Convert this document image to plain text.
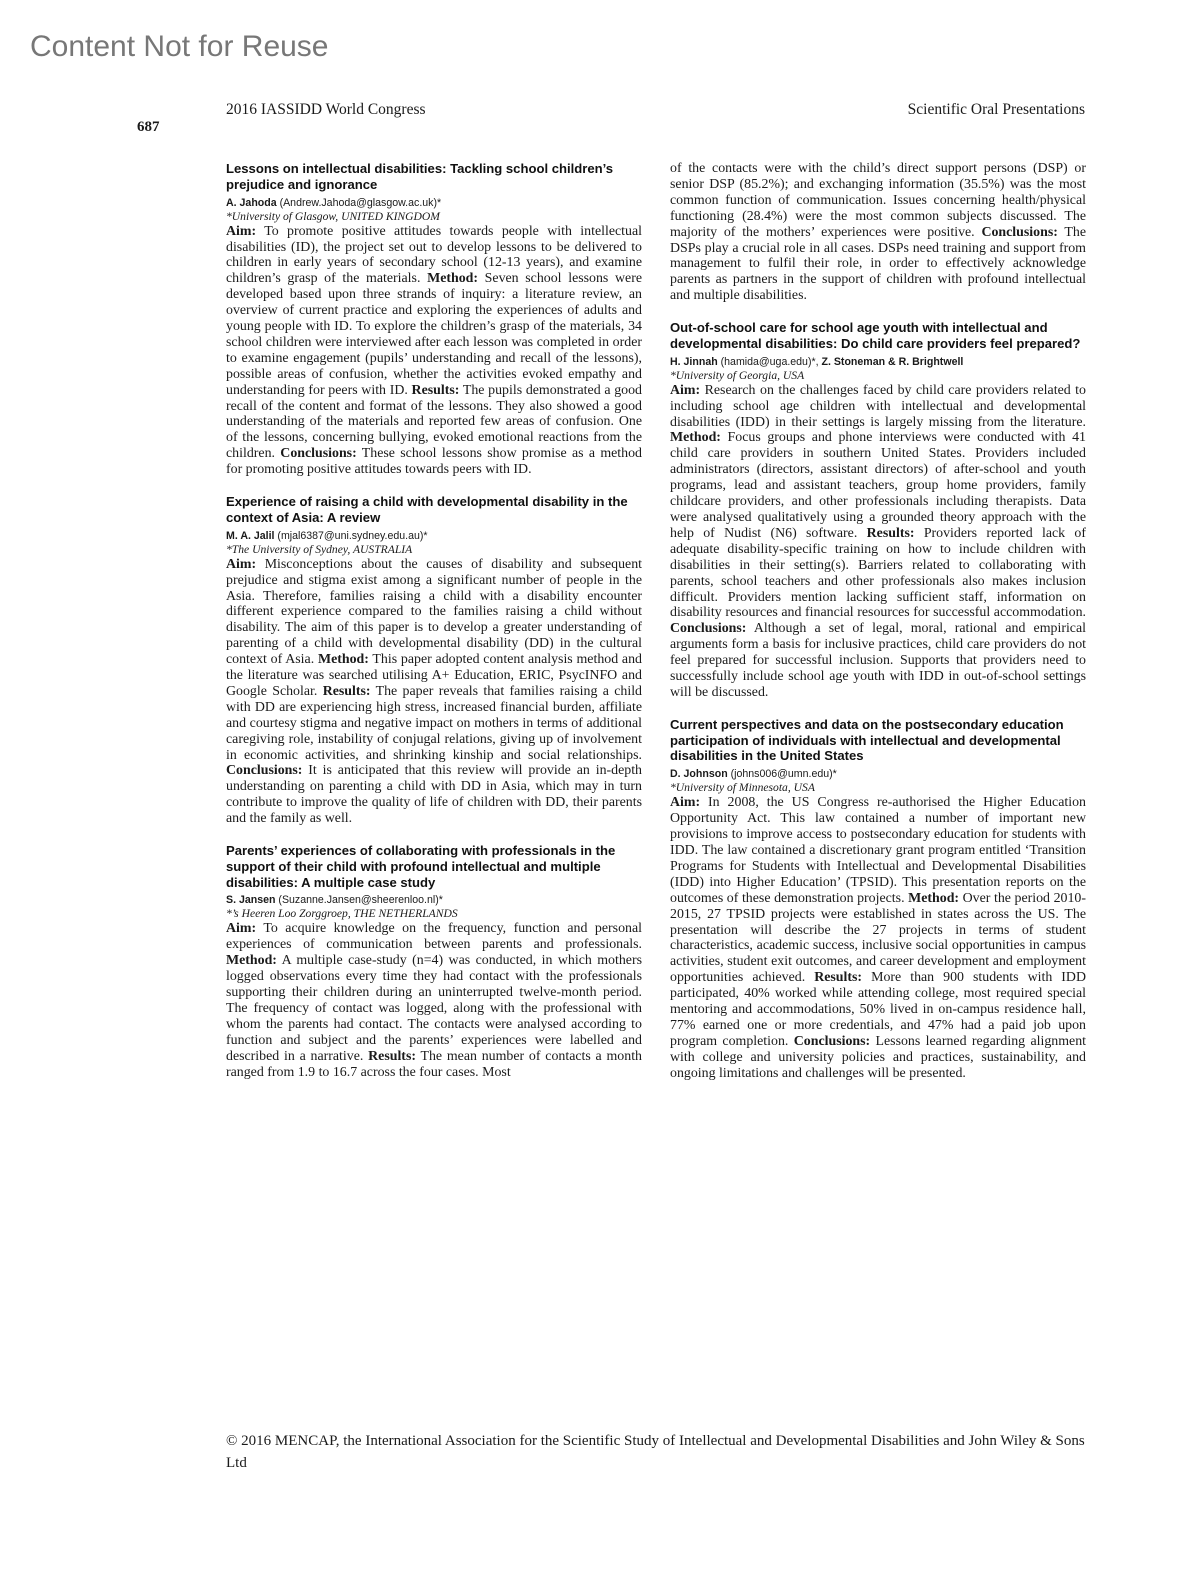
Content Not for Reuse
687
2016 IASSIDD World Congress	Scientific Oral Presentations

Lessons on intellectual disabilities: Tackling school children’s prejudice and ignorance

A. Jahoda (Andrew.Jahoda@glasgow.ac.uk)*
*University of Glasgow, UNITED KINGDOM

Aim: To promote positive attitudes towards people with intellectual disabilities (ID), the project set out to develop lessons to be delivered to children in early years of secondary school (12-13 years), and examine children’s grasp of the materials. Method: Seven school lessons were developed based upon three strands of inquiry: a literature review, an overview of current practice and exploring the experiences of adults and young people with ID. To explore the children’s grasp of the materials, 34 school children were interviewed after each lesson was completed in order to examine engagement (pupils’ understanding and recall of the lessons), possible areas of confusion, whether the activities evoked empathy and understanding for peers with ID. Results: The pupils demonstrated a good recall of the content and format of the lessons. They also showed a good understanding of the materials and reported few areas of confusion. One of the lessons, concerning bullying, evoked emotional reactions from the children. Conclusions: These school lessons show promise as a method for promoting positive attitudes towards peers with ID.

Experience of raising a child with developmental disability in the context of Asia: A review

M. A. Jalil (mjal6387@uni.sydney.edu.au)*
*The University of Sydney, AUSTRALIA

Aim: Misconceptions about the causes of disability and subsequent prejudice and stigma exist among a significant number of people in the Asia. Therefore, families raising a child with a disability encounter different experience compared to the families raising a child without disability. The aim of this paper is to develop a greater understanding of parenting of a child with developmental disability (DD) in the cultural context of Asia. Method: This paper adopted content analysis method and the literature was searched utilising A+ Education, ERIC, PsycINFO and Google Scholar. Results: The paper reveals that families raising a child with DD are experiencing high stress, increased financial burden, affiliate and courtesy stigma and negative impact on mothers in terms of additional caregiving role, instability of conjugal relations, giving up of involvement in economic activities, and shrinking kinship and social relationships. Conclusions: It is anticipated that this review will provide an in-depth understanding on parenting a child with DD in Asia, which may in turn contribute to improve the quality of life of children with DD, their parents and the family as well.

Parents’ experiences of collaborating with professionals in the support of their child with profound intellectual and multiple disabilities: A multiple case study

S. Jansen (Suzanne.Jansen@sheerenloo.nl)*
*’s Heeren Loo Zorggroep, THE NETHERLANDS

Aim: To acquire knowledge on the frequency, function and personal experiences of communication between parents and professionals. Method: A multiple case-study (n=4) was conducted, in which mothers logged observations every time they had contact with the professionals supporting their children during an uninterrupted twelve-month period. The frequency of contact was logged, along with the professional with whom the parents had contact. The contacts were analysed according to function and subject and the parents’ experiences were labelled and described in a narrative. Results: The mean number of contacts a month ranged from 1.9 to 16.7 across the four cases. Most

of the contacts were with the child’s direct support persons (DSP) or senior DSP (85.2%); and exchanging information (35.5%) was the most common function of communication. Issues concerning health/physical functioning (28.4%) were the most common subjects discussed. The majority of the mothers’ experiences were positive. Conclusions: The DSPs play a crucial role in all cases. DSPs need training and support from management to fulfil their role, in order to effectively acknowledge parents as partners in the support of children with profound intellectual and multiple disabilities.

Out-of-school care for school age youth with intellectual and developmental disabilities: Do child care providers feel prepared?

H. Jinnah (hamida@uga.edu)*, Z. Stoneman & R. Brightwell
*University of Georgia, USA

Aim: Research on the challenges faced by child care providers related to including school age children with intellectual and developmental disabilities (IDD) in their settings is largely missing from the literature. Method: Focus groups and phone interviews were conducted with 41 child care providers in southern United States. Providers included administrators (directors, assistant directors) of after-school and youth programs, lead and assistant teachers, group home providers, family childcare providers, and other professionals including therapists. Data were analysed qualitatively using a grounded theory approach with the help of Nudist (N6) software. Results: Providers reported lack of adequate disability-specific training on how to include children with disabilities in their setting(s). Barriers related to collaborating with parents, school teachers and other professionals also makes inclusion difficult. Providers mention lacking sufficient staff, information on disability resources and financial resources for successful accommodation. Conclusions: Although a set of legal, moral, rational and empirical arguments form a basis for inclusive practices, child care providers do not feel prepared for successful inclusion. Supports that providers need to successfully include school age youth with IDD in out-of-school settings will be discussed.

Current perspectives and data on the postsecondary education participation of individuals with intellectual and developmental disabilities in the United States

D. Johnson (johns006@umn.edu)*
*University of Minnesota, USA

Aim: In 2008, the US Congress re-authorised the Higher Education Opportunity Act. This law contained a number of important new provisions to improve access to postsecondary education for students with IDD. The law contained a discretionary grant program entitled ‘Transition Programs for Students with Intellectual and Developmental Disabilities (IDD) into Higher Education’ (TPSID). This presentation reports on the outcomes of these demonstration projects. Method: Over the period 2010-2015, 27 TPSID projects were established in states across the US. The presentation will describe the 27 projects in terms of student characteristics, academic success, inclusive social opportunities in campus activities, student exit outcomes, and career development and employment opportunities achieved. Results: More than 900 students with IDD participated, 40% worked while attending college, most required special mentoring and accommodations, 50% lived in on-campus residence hall, 77% earned one or more credentials, and 47% had a paid job upon program completion. Conclusions: Lessons learned regarding alignment with college and university policies and practices, sustainability, and ongoing limitations and challenges will be presented.

© 2016 MENCAP, the International Association for the Scientific Study of Intellectual and Developmental Disabilities and John Wiley & Sons Ltd
